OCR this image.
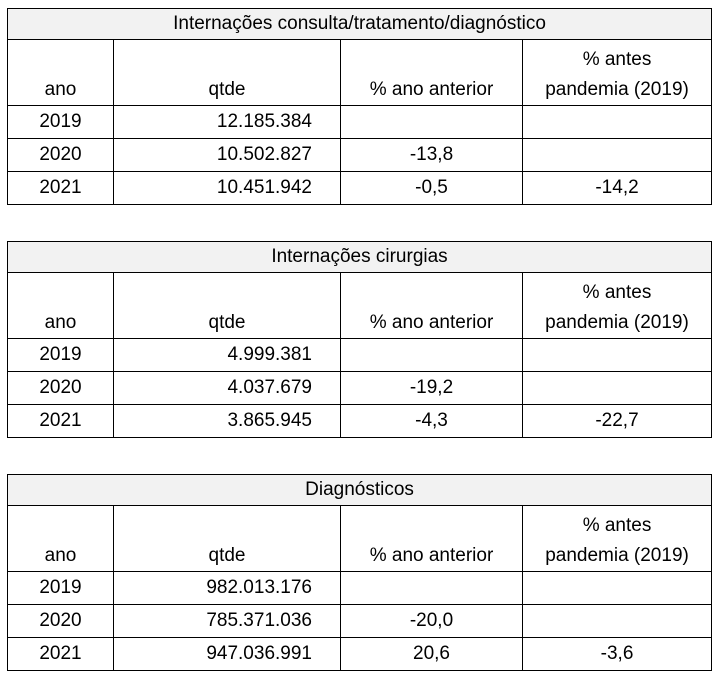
Internações consulta/tratamento/diagnóstico			
ano	qtde	% ano anterior	% antes
pandemia (2019)

2019	12.185.384		
2020	10.502.827	-13,8	
2021	10.451.942	-0,5	-14,2
Internações cirurgias			
ano	qtde	% ano anterior	% antes
pandemia (2019)

2019	4.999.381		
2020	4.037.679	-19,2	
2021	3.865.945	-4,3	-22,7
Diagnósticos			
ano	qtde	% ano anterior	% antes
pandemia (2019)

2019	982.013.176		
2020	785.371.036	-20,0	
2021	947.036.991	20,6	-3,6
